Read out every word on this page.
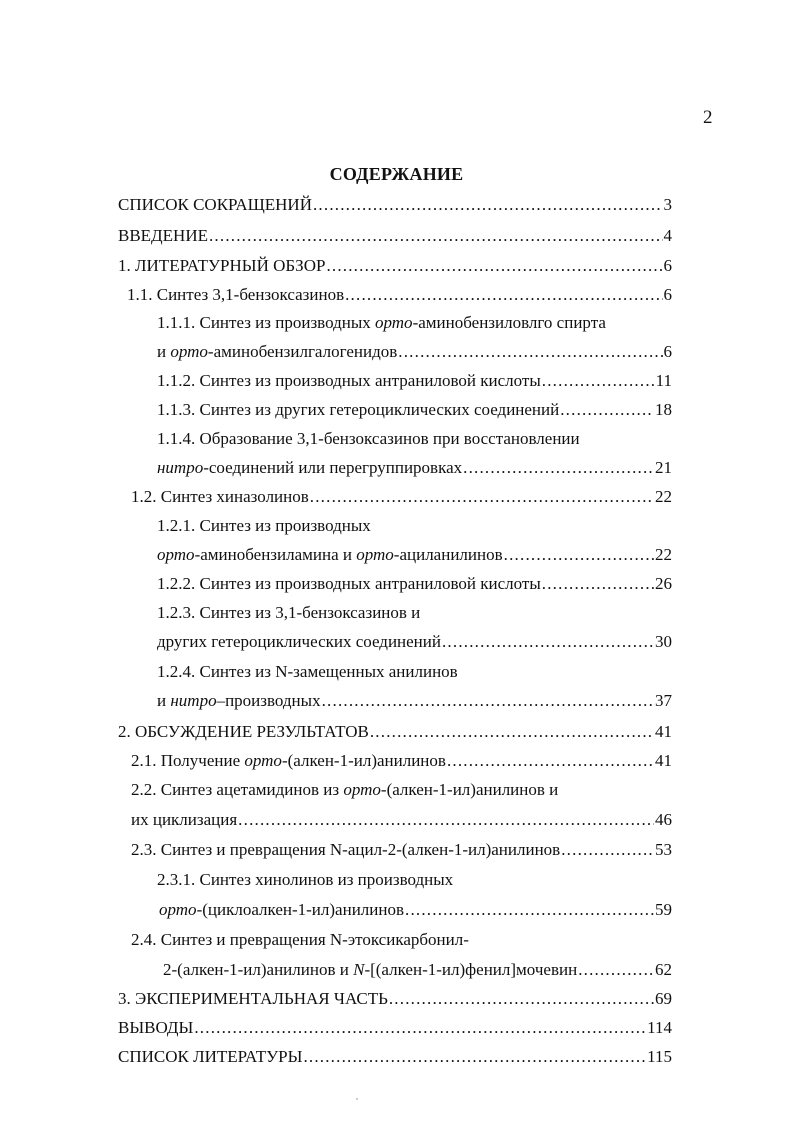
2
СОДЕРЖАНИЕ
СПИСОК СОКРАЩЕНИЙ .....	3
ВВЕДЕНИЕ .....	4
1. ЛИТЕРАТУРНЫЙ ОБЗОР .....	6
1.1. Синтез 3,1-бензоксазинов .....	6
1.1.1. Синтез из производных орто-аминобензиловлго спирта
и орто-аминобензилгалогенидов .....	6
1.1.2. Синтез из производных антраниловой кислоты .....	11
1.1.3. Синтез из других гетероциклических соединений .....	18
1.1.4. Образование 3,1-бензоксазинов при восстановлении
нитро-соединений или перегруппировках .....	21
1.2. Синтез хиназолинов .....	22
1.2.1. Синтез из производных
орто-аминобензиламина и орто-ациланилинов .....	22
1.2.2. Синтез из производных антраниловой кислоты .....	26
1.2.3. Синтез из 3,1-бензоксазинов и
других гетероциклических соединений .....	30
1.2.4. Синтез из N-замещенных анилинов
и нитро–производных .....	37
2. ОБСУЖДЕНИЕ РЕЗУЛЬТАТОВ .....	41
2.1. Получение орто-(алкен-1-ил)анилинов .....	41
2.2. Синтез ацетамидинов из орто-(алкен-1-ил)анилинов и
их циклизация .....	46
2.3. Синтез и превращения N-ацил-2-(алкен-1-ил)анилинов .....	53
2.3.1. Синтез хинолинов из производных
орто-(циклоалкен-1-ил)анилинов .....	59
2.4. Синтез и превращения N-этоксикарбонил-
2-(алкен-1-ил)анилинов и N-[(алкен-1-ил)фенил]мочевин .....	62
3. ЭКСПЕРИМЕНТАЛЬНАЯ ЧАСТЬ .....	69
ВЫВОДЫ .....	114
СПИСОК ЛИТЕРАТУРЫ .....	115
